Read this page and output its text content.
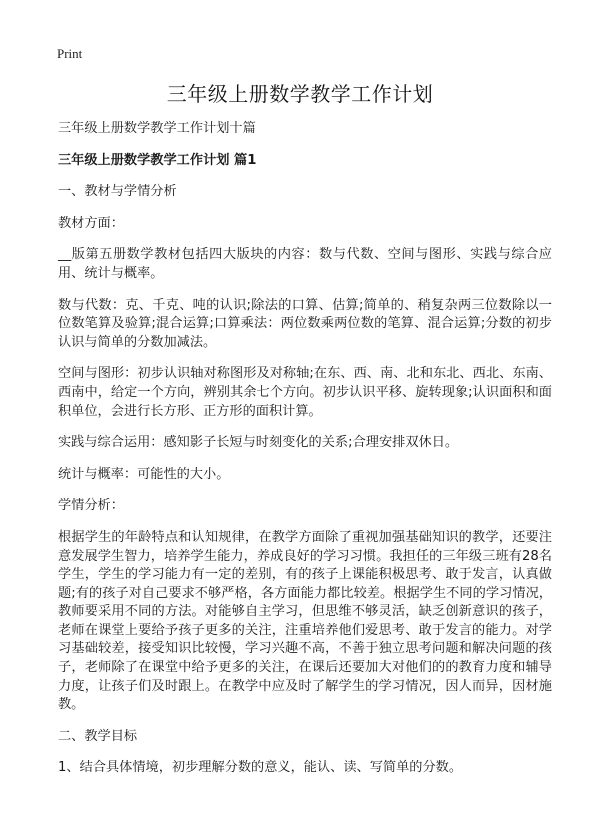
Print
三年级上册数学教学工作计划

三年级上册数学教学工作计划十篇

三年级上册数学教学工作计划 篇1

一、教材与学情分析

教材方面：

__版第五册数学教材包括四大版块的内容：数与代数、空间与图形、实践与综合应用、统计与概率。

数与代数：克、千克、吨的认识;除法的口算、估算;简单的、稍复杂两三位数除以一位数笔算及验算;混合运算;口算乘法：两位数乘两位数的笔算、混合运算;分数的初步认识与简单的分数加减法。

空间与图形：初步认识轴对称图形及对称轴;在东、西、南、北和东北、西北、东南、西南中，给定一个方向，辨别其余七个方向。初步认识平移、旋转现象;认识面积和面积单位，会进行长方形、正方形的面积计算。

实践与综合运用：感知影子长短与时刻变化的关系;合理安排双休日。

统计与概率：可能性的大小。

学情分析：

根据学生的年龄特点和认知规律，在教学方面除了重视加强基础知识的教学，还要注意发展学生智力，培养学生能力，养成良好的学习习惯。我担任的三年级三班有28名学生，学生的学习能力有一定的差别，有的孩子上课能积极思考、敢于发言，认真做题;有的孩子对自己要求不够严格，各方面能力都比较差。根据学生不同的学习情况，教师要采用不同的方法。对能够自主学习，但思维不够灵活，缺乏创新意识的孩子，老师在课堂上要给予孩子更多的关注，注重培养他们爱思考、敢于发言的能力。对学习基础较差，接受知识比较慢，学习兴趣不高，不善于独立思考问题和解决问题的孩子，老师除了在课堂中给予更多的关注，在课后还要加大对他们的的教育力度和辅导力度，让孩子们及时跟上。在教学中应及时了解学生的学习情况，因人而异，因材施教。

二、教学目标

1、结合具体情境，初步理解分数的意义，能认、读、写简单的分数。
